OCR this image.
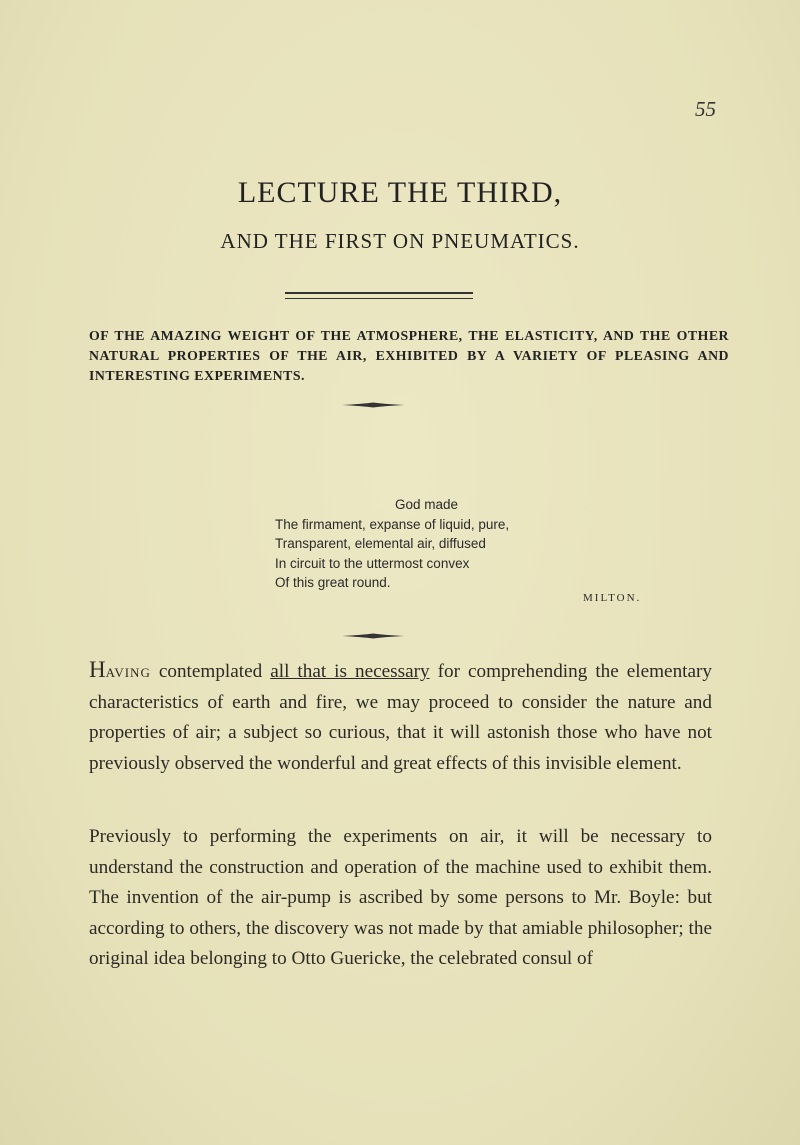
55
LECTURE THE THIRD,
AND THE FIRST ON PNEUMATICS.
OF THE AMAZING WEIGHT OF THE ATMOSPHERE, THE ELASTICITY, AND THE OTHER NATURAL PROPERTIES OF THE AIR, EXHIBITED BY A VARIETY OF PLEASING AND INTERESTING EXPERIMENTS.
God made
The firmament, expanse of liquid, pure,
Transparent, elemental air, diffused
In circuit to the uttermost convex
Of this great round.
MILTON.
Having contemplated all that is necessary for comprehending the elementary characteristics of earth and fire, we may proceed to consider the nature and properties of air; a subject so curious, that it will astonish those who have not previously observed the wonderful and great effects of this invisible element.
Previously to performing the experiments on air, it will be necessary to understand the construction and operation of the machine used to exhibit them. The invention of the air-pump is ascribed by some persons to Mr. Boyle: but according to others, the discovery was not made by that amiable philosopher; the original idea belonging to Otto Guericke, the celebrated consul of
